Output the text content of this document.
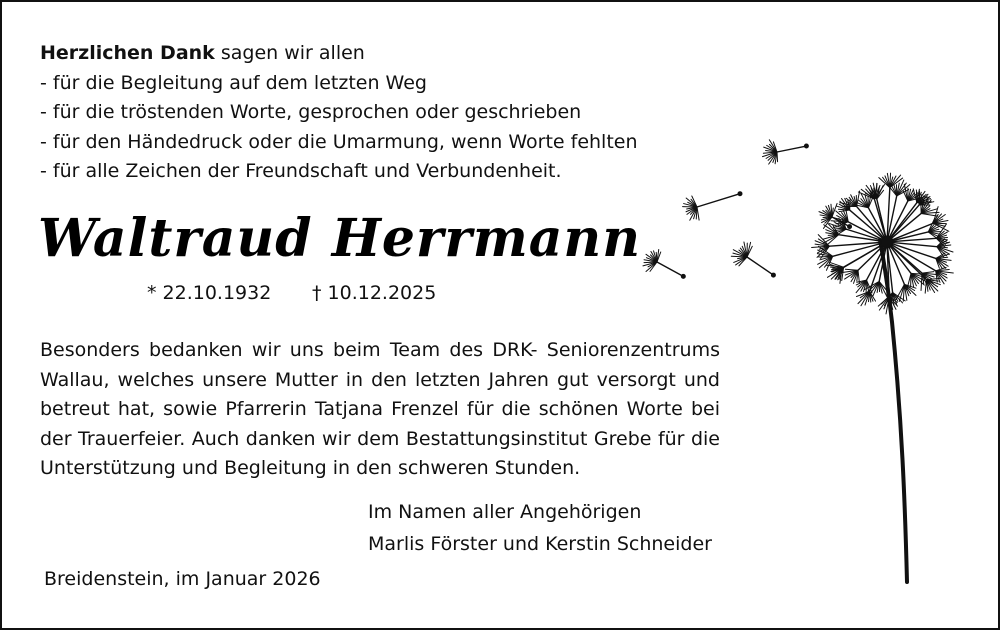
Herzlichen Dank sagen wir allen
- für die Begleitung auf dem letzten Weg
- für die tröstenden Worte, gesprochen oder geschrieben
- für den Händedruck oder die Umarmung, wenn Worte fehlten
- für alle Zeichen der Freundschaft und Verbundenheit.
Waltraud Herrmann
* 22.10.1932 † 10.12.2025
Besonders bedanken wir uns beim Team des DRK- Seniorenzentrums Wallau, welches unsere Mutter in den letzten Jahren gut versorgt und betreut hat, sowie Pfarrerin Tatjana Frenzel für die schönen Worte bei der Trauerfeier. Auch danken wir dem Bestattungsinstitut Grebe für die Unterstützung und Begleitung in den schweren Stunden.
Im Namen aller Angehörigen
Marlis Förster und Kerstin Schneider
Breidenstein, im Januar 2026
